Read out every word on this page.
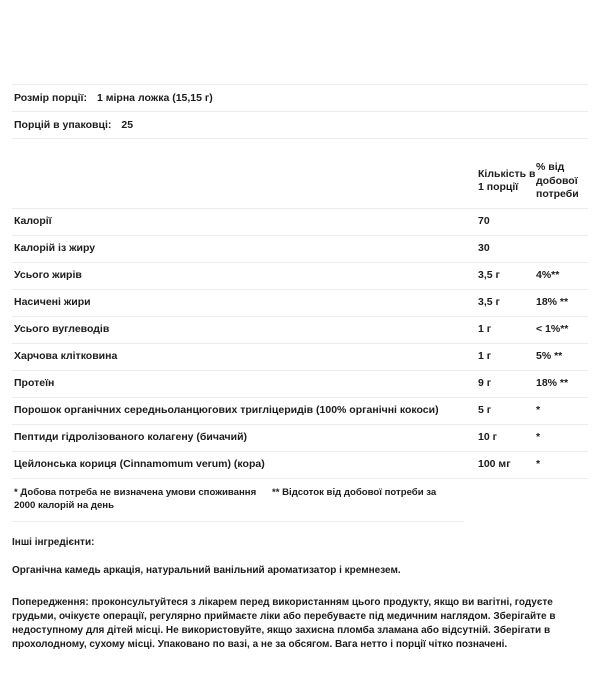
Розмір порції: 1 мірна ложка (15,15 г)		

Порцій в упаковці: 25		

	Кількість в 1 порції	% від добової потреби

Калорії	70	

Калорій із жиру	30	

Усього жирів	3,5 г	4%**

Насичені жири	3,5 г	18% **

Усього вуглеводів	1 г	< 1%**

Харчова клітковина	1 г	5% **

Протеїн	9 г	18% **

Порошок органічних середньоланцюгових тригліцеридів (100% органічні кокоси)	5 г	*

Пептиди гідролізованого колагену (бичачий)	10 г	*

Цейлонська кориця (Cinnamomum verum) (кора)	100 мг	*
* Добова потреба не визначена умови споживання 2000 калорій на день
** Відсоток від добової потреби за
Інші інгредієнти:
Органічна камедь аркація, натуральний ванільний ароматизатор і кремнезем.
Попередження: проконсультуйтеся з лікарем перед використанням цього продукту, якщо ви вагітні, годуєте грудьми, очікуєте операції, регулярно приймаєте ліки або перебуваєте під медичним наглядом. Зберігайте в недоступному для дітей місці. Не використовуйте, якщо захисна пломба зламана або відсутній. Зберігати в прохолодному, сухому місці. Упаковано по вазі, а не за обсягом. Вага нетто і порції чітко позначені.
